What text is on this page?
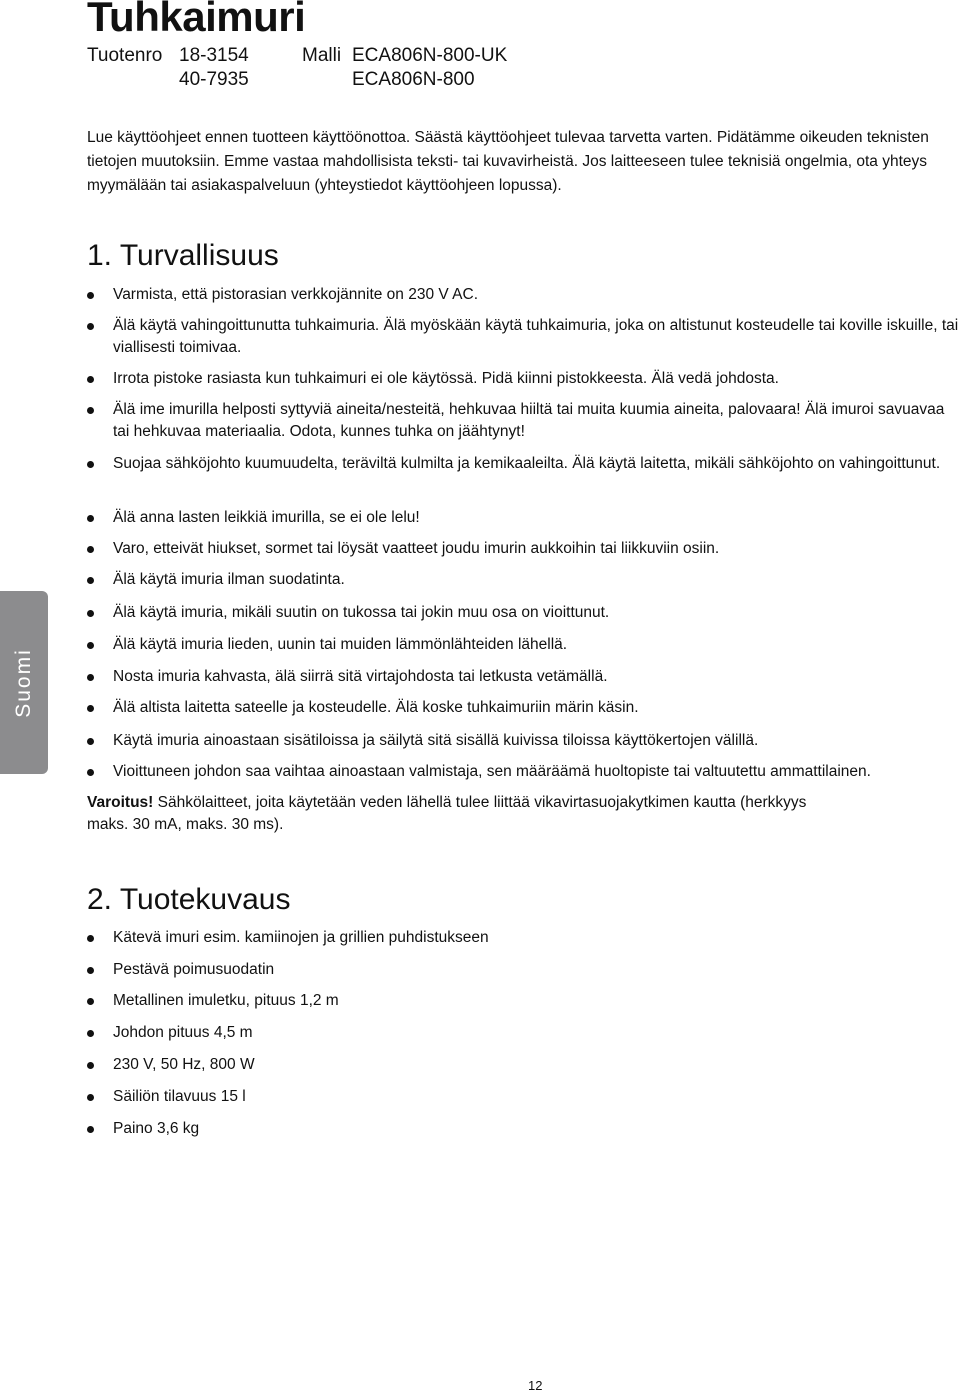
Tuhkaimuri
Tuotenro 18-3154	Malli ECA806N-800-UK
40-7935	ECA806N-800

Lue käyttöohjeet ennen tuotteen käyttöönottoa. Säästä käyttöohjeet tulevaa tarvetta varten. Pidätämme oikeuden teknisten tietojen muutoksiin. Emme vastaa mahdollisista teksti- tai kuvavirheistä. Jos laitteeseen tulee teknisiä ongelmia, ota yhteys myymälään tai asiakaspalveluun (yhteystiedot käyttöohjeen lopussa).

1. Turvallisuus
Varmista, että pistorasian verkkojännite on 230 V AC.
Älä käytä vahingoittunutta tuhkaimuria. Älä myöskään käytä tuhkaimuria, joka on altistunut kosteudelle tai koville iskuille, tai viallisesti toimivaa.
Irrota pistoke rasiasta kun tuhkaimuri ei ole käytössä. Pidä kiinni pistokkeesta. Älä vedä johdosta.
Älä ime imurilla helposti syttyviä aineita/nesteitä, hehkuvaa hiiltä tai muita kuumia aineita, palovaara! Älä imuroi savuavaa tai hehkuvaa materiaalia. Odota, kunnes tuhka on jäähtynyt!
Suojaa sähköjohto kuumuudelta, teräviltä kulmilta ja kemikaaleilta. Älä käytä laitetta, mikäli sähköjohto on vahingoittunut.
Älä anna lasten leikkiä imurilla, se ei ole lelu!
Varo, etteivät hiukset, sormet tai löysät vaatteet joudu imurin aukkoihin tai liikkuviin osiin.
Älä käytä imuria ilman suodatinta.
Älä käytä imuria, mikäli suutin on tukossa tai jokin muu osa on vioittunut.
Älä käytä imuria lieden, uunin tai muiden lämmönlähteiden lähellä.
Nosta imuria kahvasta, älä siirrä sitä virtajohdosta tai letkusta vetämällä.
Älä altista laitetta sateelle ja kosteudelle. Älä koske tuhkaimuriin märin käsin.
Käytä imuria ainoastaan sisätiloissa ja säilytä sitä sisällä kuivissa tiloissa käyttökertojen välillä.
Vioittuneen johdon saa vaihtaa ainoastaan valmistaja, sen määräämä huoltopiste tai valtuutettu ammattilainen.

Varoitus! Sähkölaitteet, joita käytetään veden lähellä tulee liittää vikavirtasuojakytkimen kautta (herkkyys maks. 30 mA, maks. 30 ms).

2. Tuotekuvaus
Kätevä imuri esim. kamiinojen ja grillien puhdistukseen
Pestävä poimusuodatin
Metallinen imuletku, pituus 1,2 m
Johdon pituus 4,5 m
230 V, 50 Hz, 800 W
Säiliön tilavuus 15 l
Paino 3,6 kg
Suomi
12
